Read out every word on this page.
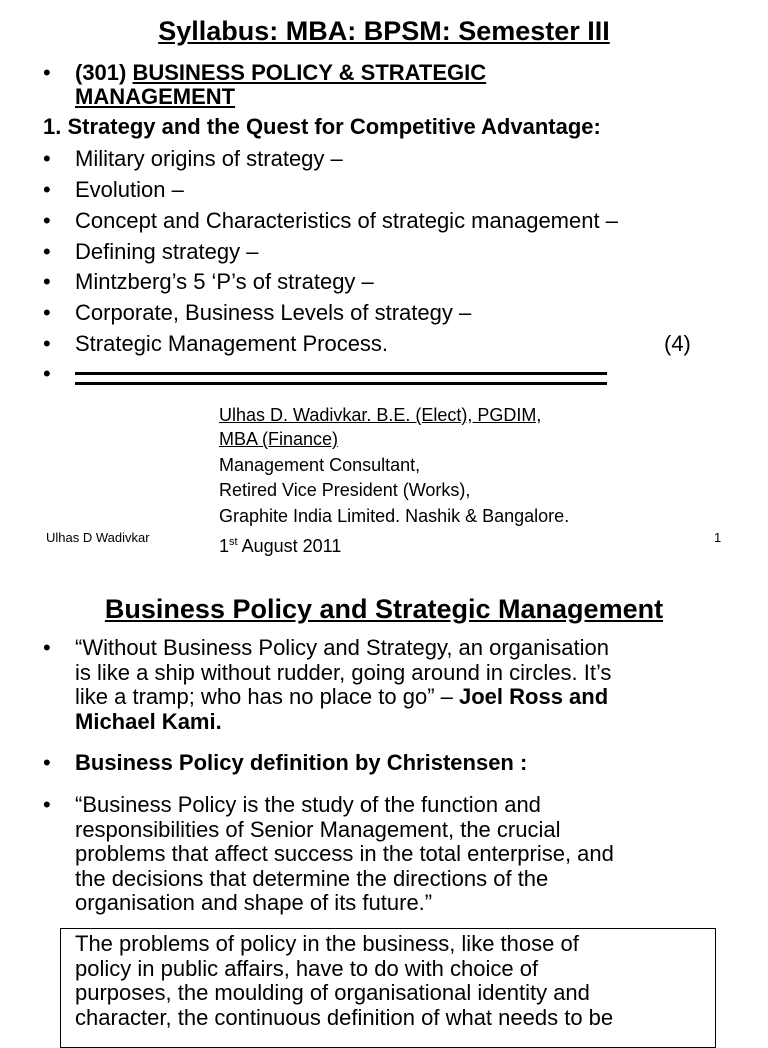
Syllabus: MBA: BPSM: Semester III
• (301) BUSINESS POLICY & STRATEGIC
MANAGEMENT
1. Strategy and the Quest for Competitive Advantage:
• Military origins of strategy –
• Evolution –
• Concept and Characteristics of strategic management –
• Defining strategy –
• Mintzberg’s 5 ‘P’s of strategy –
• Corporate, Business Levels of strategy –
• Strategic Management Process.	(4)
•
Ulhas D. Wadivkar. B.E. (Elect), PGDIM,
MBA (Finance)
Management Consultant,
Retired Vice President (Works),
Graphite India Limited. Nashik & Bangalore.
1st August 2011
Ulhas D Wadivkar	1
Business Policy and Strategic Management
• “Without Business Policy and Strategy, an organisation
is like a ship without rudder, going around in circles. It’s
like a tramp; who has no place to go” – Joel Ross and
Michael Kami.
• Business Policy definition by Christensen :
• “Business Policy is the study of the function and
responsibilities of Senior Management, the crucial
problems that affect success in the total enterprise, and
the decisions that determine the directions of the
organisation and shape of its future.”
The problems of policy in the business, like those of
policy in public affairs, have to do with choice of
purposes, the moulding of organisational identity and
character, the continuous definition of what needs to be
